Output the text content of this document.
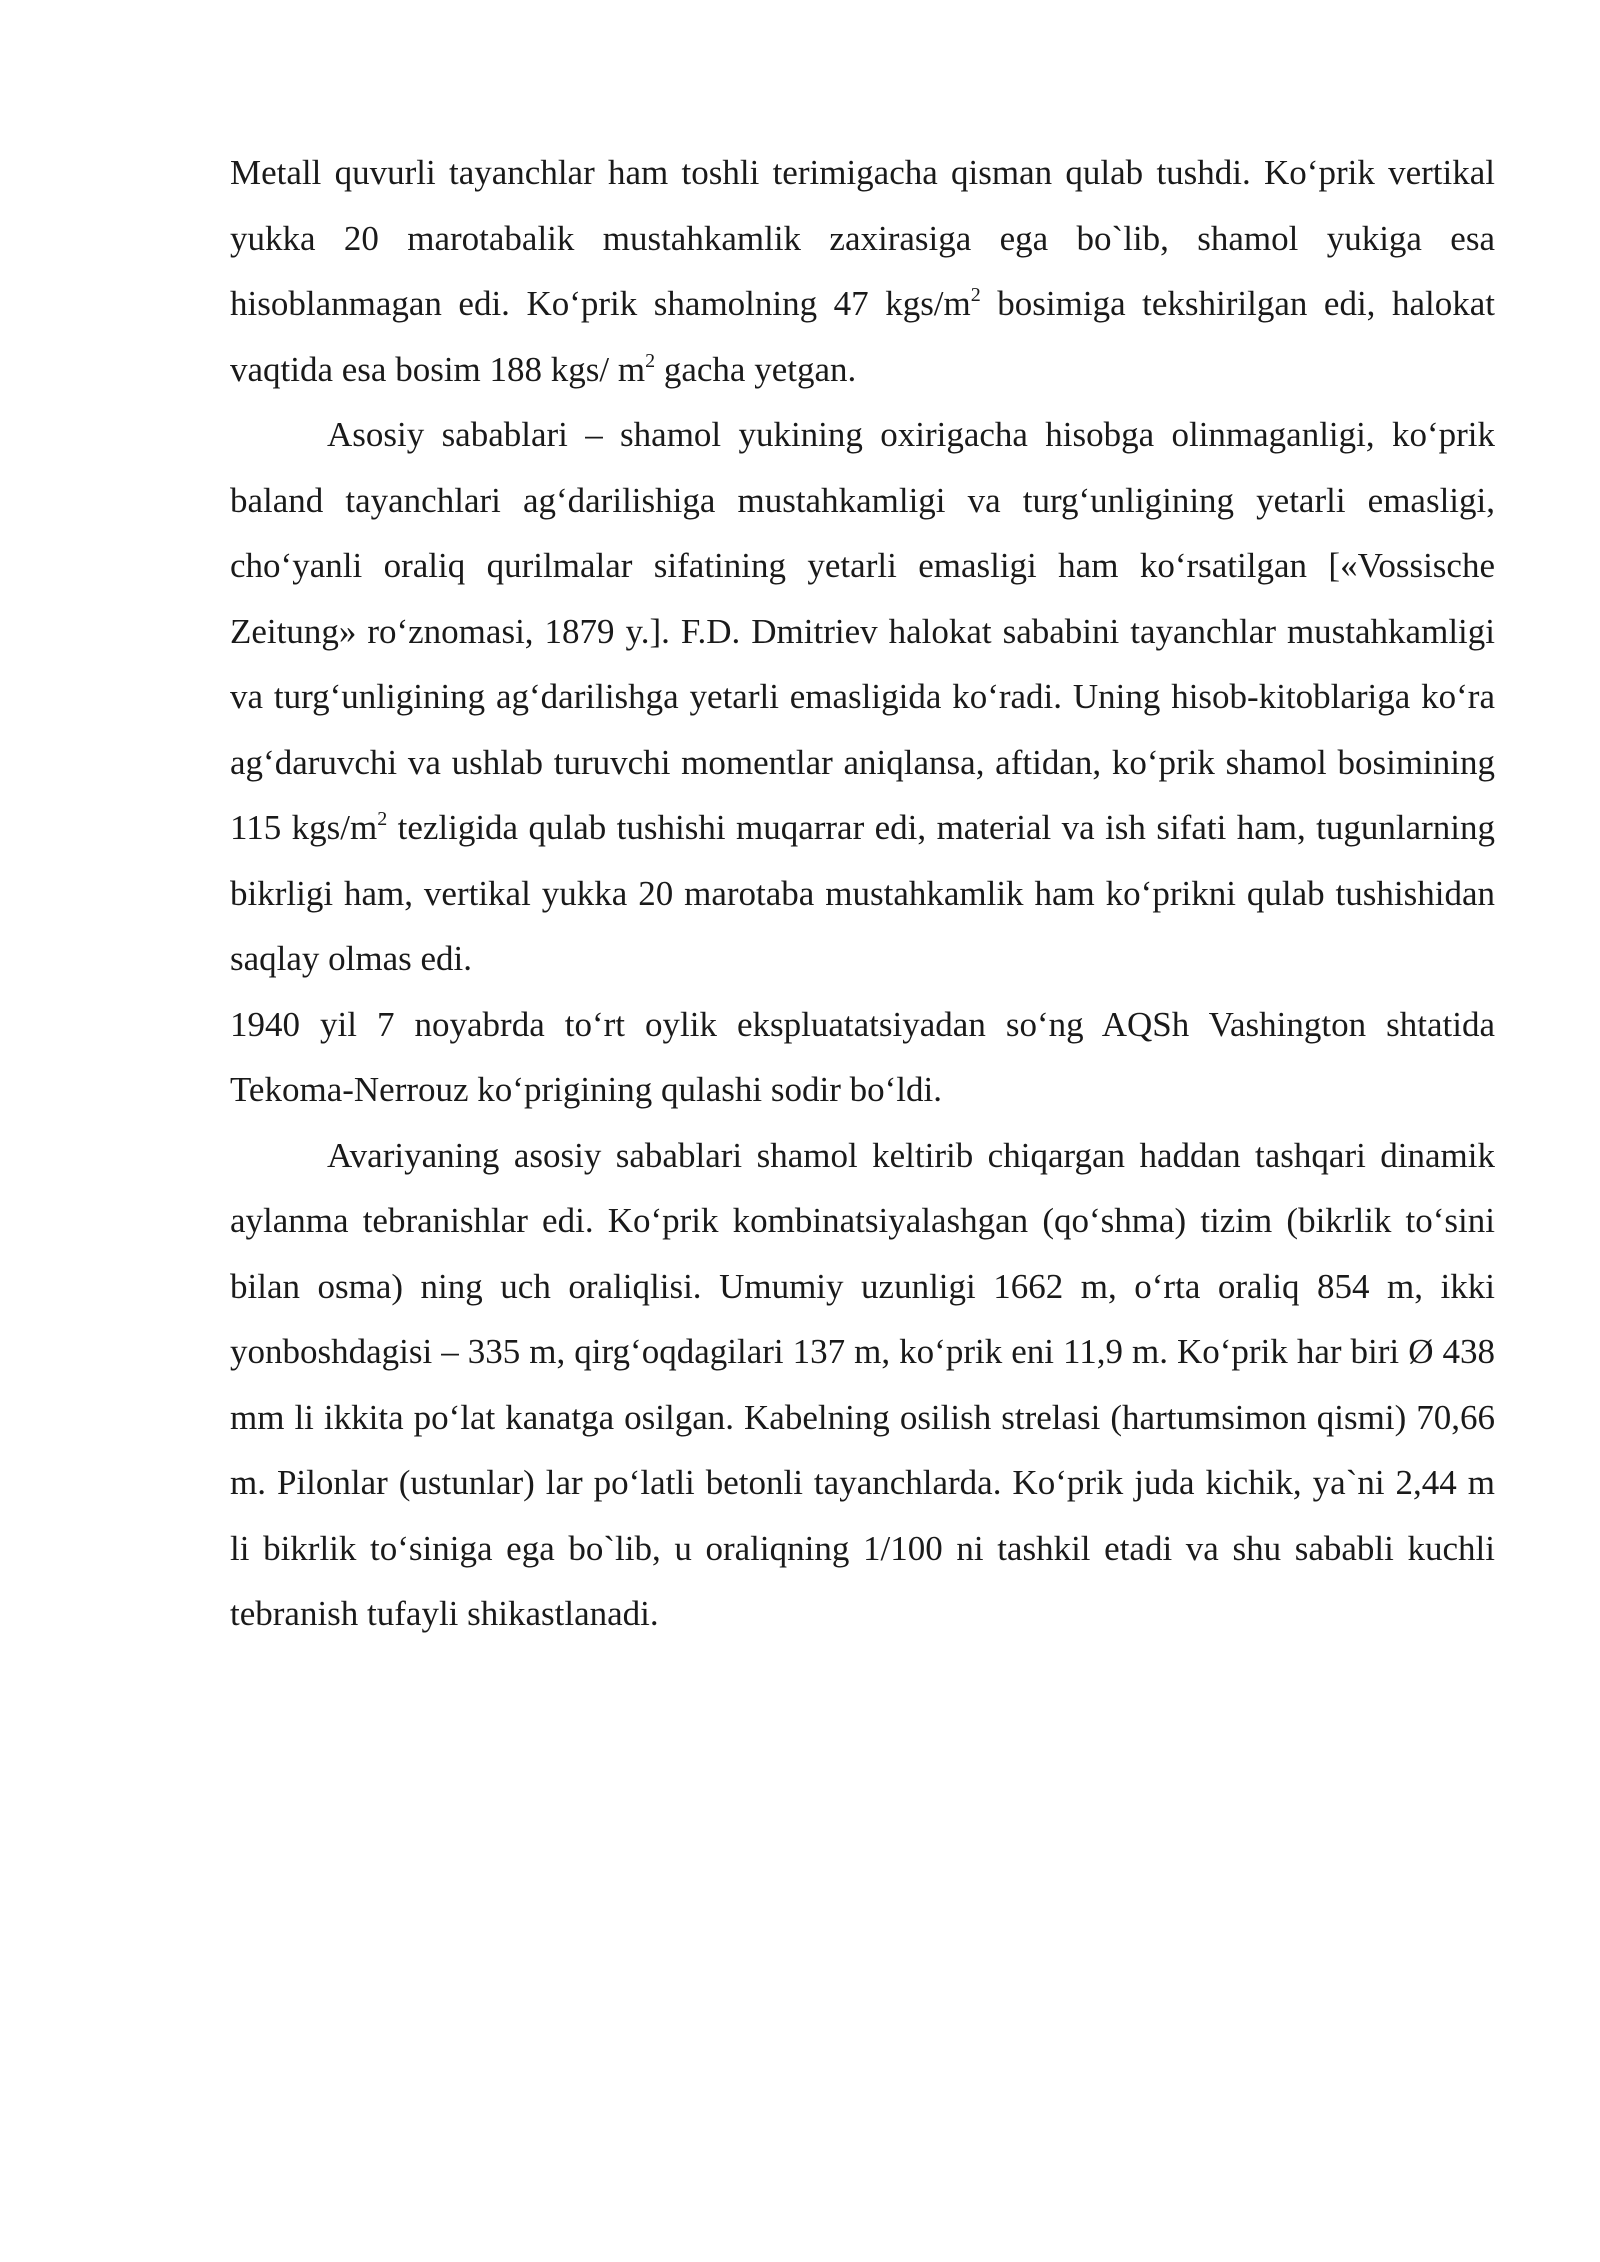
Metall quvurli tayanchlar ham toshli terimigacha qisman qulab tushdi. Ko‘prik vertikal yukka 20 marotabalik mustahkamlik zaxirasiga ega bo`lib, shamol yukiga esa hisoblanmagan edi. Ko‘prik shamolning 47 kgs/$m^2$ bosimiga tekshirilgan edi, halokat vaqtida esa bosim 188 kgs/ $m^2$ gacha yetgan.

Asosiy sabablari – shamol yukining oxirigacha hisobga olinmaganligi, ko‘prik baland tayanchlari ag‘darilishiga mustahkamligi va turg‘unligining yetarli emasligi, cho‘yanli oraliq qurilmalar sifatining yetarli emasligi ham ko‘rsatilgan [«Vossische Zeitung» ro‘znomasi, 1879 y.]. F.D. Dmitriev halokat sababini tayanchlar mustahkamligi va turg‘unligining ag‘darilishga yetarli emasligida ko‘radi. Uning hisob-kitoblariga ko‘ra ag‘daruvchi va ushlab turuvchi momentlar aniqlansa, aftidan, ko‘prik shamol bosimining 115 kgs/$m^2$ tezligida qulab tushishi muqarrar edi, material va ish sifati ham, tugunlarning bikrligi ham, vertikal yukka 20 marotaba mustahkamlik ham ko‘prikni qulab tushishidan saqlay olmas edi.

1940 yil 7 noyabrda to‘rt oylik ekspluatatsiyadan so‘ng AQSh Vashington shtatida Tekoma-Nerrouz ko‘prigining qulashi sodir bo‘ldi.

Avariyaning asosiy sabablari shamol keltirib chiqargan haddan tashqari dinamik aylanma tebranishlar edi. Ko‘prik kombinatsiyalashgan (qo‘shma) tizim (bikrlik to‘sini bilan osma) ning uch oraliqlisi. Umumiy uzunligi 1662 m, o‘rta oraliq 854 m, ikki yonboshdagisi – 335 m, qirg‘oqdagilari 137 m, ko‘prik eni 11,9 m. Ko‘prik har biri Ø 438 mm li ikkita po‘lat kanatga osilgan. Kabelning osilish strelasi (hartumsimon qismi) 70,66 m. Pilonlar (ustunlar) lar po‘latli betonli tayanchlarda. Ko‘prik juda kichik, ya`ni 2,44 m li bikrlik to‘siniga ega bo`lib, u oraliqning 1/100 ni tashkil etadi va shu sababli kuchli tebranish tufayli shikastlanadi.
